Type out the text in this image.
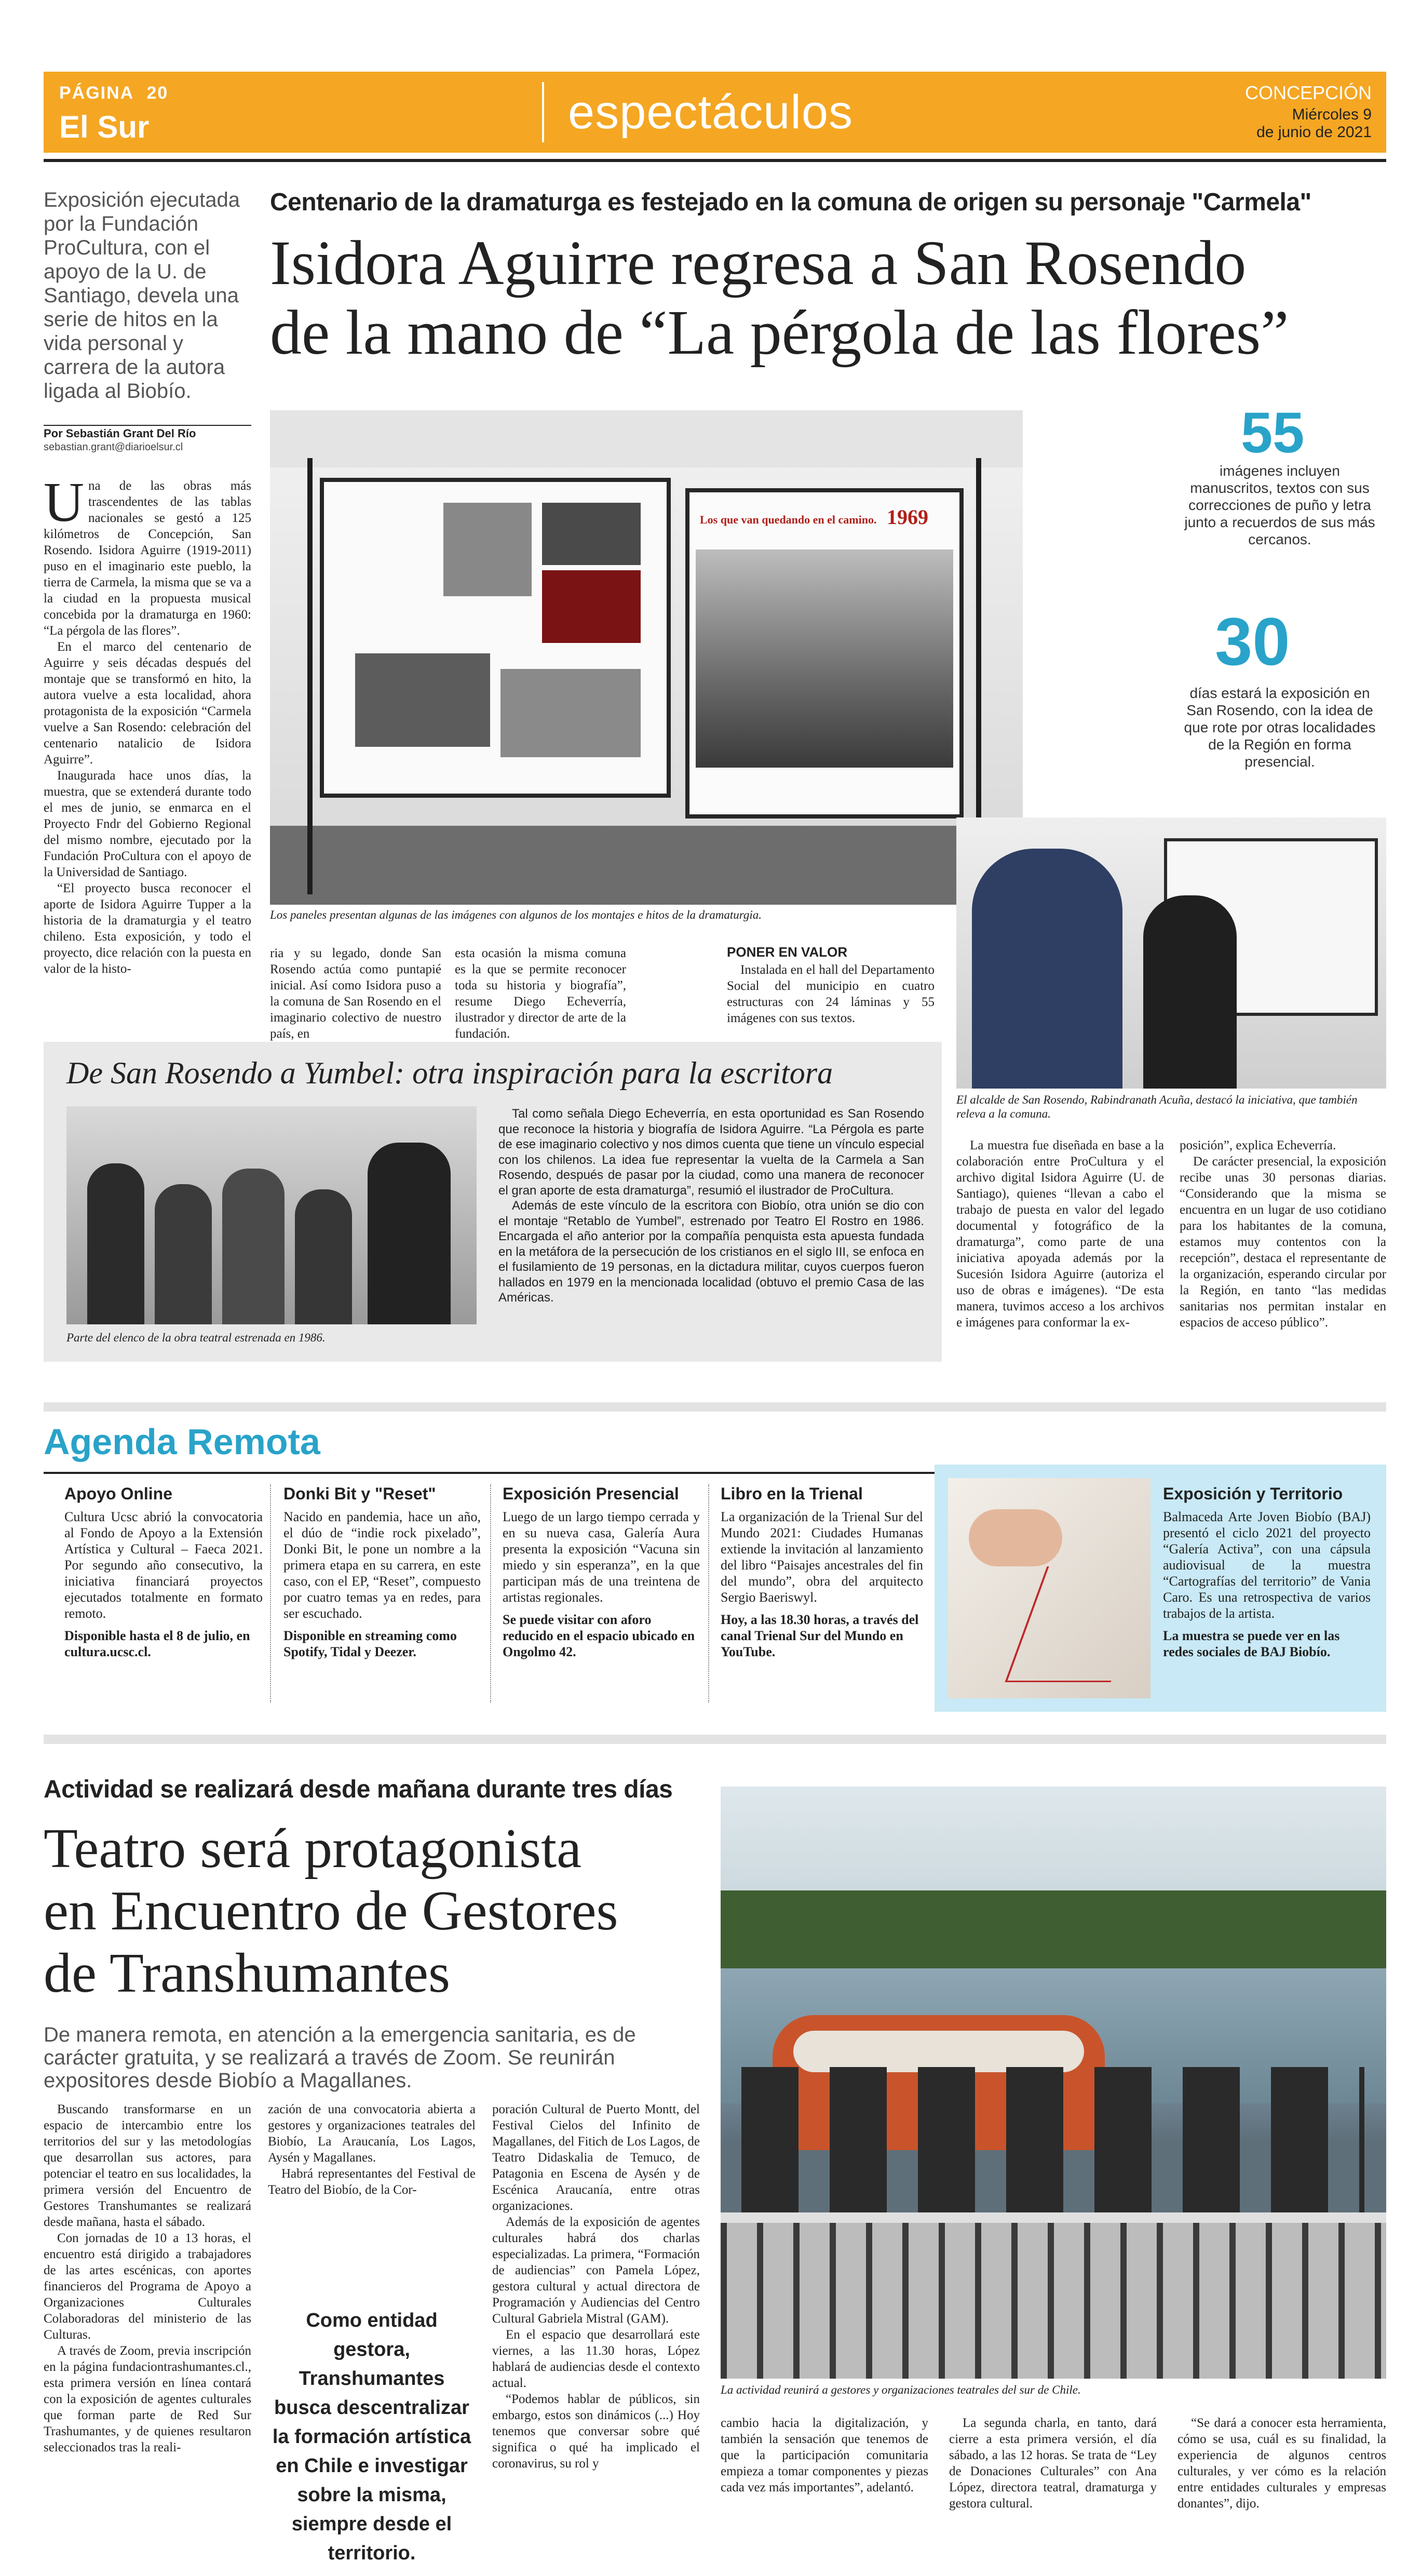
PÁGINA 20
El Sur	espectáculos	CONCEPCIÓN
Miércoles 9
de junio de 2021
Exposición ejecutada por la Fundación ProCultura, con el apoyo de la U. de Santiago, devela una serie de hitos en la vida personal y carrera de la autora ligada al Biobío.
Por Sebastián Grant Del Río
sebastian.grant@diarioelsur.cl
Centenario de la dramaturga es festejado en la comuna de origen su personaje "Carmela"
Isidora Aguirre regresa a San Rosendo
de la mano de “La pérgola de las flores”

Una de las obras más trascendentes de las tablas nacionales se gestó a 125 kilómetros de Concepción, San Rosendo. Isidora Aguirre (1919-2011) puso en el imaginario este pueblo, la tierra de Carmela, la misma que se va a la ciudad en la propuesta musical concebida por la dramaturga en 1960: “La pérgola de las flores”.

En el marco del centenario de Aguirre y seis décadas después del montaje que se transformó en hito, la autora vuelve a esta localidad, ahora protagonista de la exposición “Carmela vuelve a San Rosendo: celebración del centenario natalicio de Isidora Aguirre”.

Inaugurada hace unos días, la muestra, que se extenderá durante todo el mes de junio, se enmarca en el Proyecto Fndr del Gobierno Regional del mismo nombre, ejecutado por la Fundación ProCultura con el apoyo de la Universidad de Santiago.

“El proyecto busca reconocer el aporte de Isidora Aguirre Tupper a la historia de la dramaturgia y el teatro chileno. Esta exposición, y todo el proyecto, dice relación con la puesta en valor de la histo-

Los que van quedando en el camino. 1969
Los paneles presentan algunas de las imágenes con algunos de los montajes e hitos de la dramaturgia.
55
imágenes incluyen manuscritos, textos con sus correcciones de puño y letra junto a recuerdos de sus más cercanos.
30
días estará la exposición en San Rosendo, con la idea de que rote por otras localidades de la Región en forma presencial.
El alcalde de San Rosendo, Rabindranath Acuña, destacó la iniciativa, que también releva a la comuna.
ria y su legado, donde San Rosendo actúa como puntapié inicial. Así como Isidora puso a la comuna de San Rosendo en el imaginario colectivo de nuestro país, en
esta ocasión la misma comuna es la que se permite reconocer toda su historia y biografía”, resume Diego Echeverría, ilustrador y director de arte de la fundación.
PONER EN VALOR
Instalada en el hall del Departamento Social del municipio en cuatro estructuras con 24 láminas y 55 imágenes con sus textos.
La muestra fue diseñada en base a la colaboración entre ProCultura y el archivo digital Isidora Aguirre (U. de Santiago), quienes “llevan a cabo el trabajo de puesta en valor del legado documental y fotográfico de la dramaturga”, como parte de una iniciativa apoyada además por la Sucesión Isidora Aguirre (autoriza el uso de obras e imágenes). “De esta manera, tuvimos acceso a los archivos e imágenes para conformar la ex-

posición”, explica Echeverría.

De carácter presencial, la exposición recibe unas 30 personas diarias. “Considerando que la misma se encuentra en un lugar de uso cotidiano para los habitantes de la comuna, estamos muy contentos con la recepción”, destaca el representante de la organización, esperando circular por la Región, en tanto “las medidas sanitarias nos permitan instalar en espacios de acceso público”.

De San Rosendo a Yumbel: otra inspiración para la escritora
Parte del elenco de la obra teatral estrenada en 1986.

Tal como señala Diego Echeverría, en esta oportunidad es San Rosendo que reconoce la historia y biografía de Isidora Aguirre. “La Pérgola es parte de ese imaginario colectivo y nos dimos cuenta que tiene un vínculo especial con los chilenos. La idea fue representar la vuelta de la Carmela a San Rosendo, después de pasar por la ciudad, como una manera de reconocer el gran aporte de esta dramaturga”, resumió el ilustrador de ProCultura.

Además de este vínculo de la escritora con Biobío, otra unión se dio con el montaje “Retablo de Yumbel”, estrenado por Teatro El Rostro en 1986. Encargada el año anterior por la compañía penquista esta apuesta fundada en la metáfora de la persecución de los cristianos en el siglo III, se enfoca en el fusilamiento de 19 personas, en la dictadura militar, cuyos cuerpos fueron hallados en 1979 en la mencionada localidad (obtuvo el premio Casa de las Américas.

Agenda Remota
Apoyo Online
Cultura Ucsc abrió la convocatoria al Fondo de Apoyo a la Extensión Artística y Cultural – Faeca 2021. Por segundo año consecutivo, la iniciativa financiará proyectos ejecutados totalmente en formato remoto.
Disponible hasta el 8 de julio, en cultura.ucsc.cl.
Donki Bit y "Reset"
Nacido en pandemia, hace un año, el dúo de “indie rock pixelado”, Donki Bit, le pone un nombre a la primera etapa en su carrera, en este caso, con el EP, “Reset”, compuesto por cuatro temas ya en redes, para ser escuchado.
Disponible en streaming como Spotify, Tidal y Deezer.
Exposición Presencial
Luego de un largo tiempo cerrada y en su nueva casa, Galería Aura presenta la exposición “Vacuna sin miedo y sin esperanza”, en la que participan más de una treintena de artistas regionales.
Se puede visitar con aforo reducido en el espacio ubicado en Ongolmo 42.
Libro en la Trienal
La organización de la Trienal Sur del Mundo 2021: Ciudades Humanas extiende la invitación al lanzamiento del libro “Paisajes ancestrales del fin del mundo”, obra del arquitecto Sergio Baeriswyl.
Hoy, a las 18.30 horas, a través del canal Trienal Sur del Mundo en YouTube.
Exposición y Territorio
Balmaceda Arte Joven Biobío (BAJ) presentó el ciclo 2021 del proyecto “Galería Activa”, con una cápsula audiovisual de la muestra “Cartografías del territorio” de Vania Caro. Es una retrospectiva de varios trabajos de la artista.
La muestra se puede ver en las redes sociales de BAJ Biobío.
Actividad se realizará desde mañana durante tres días
Teatro será protagonista
en Encuentro de Gestores
de Transhumantes
De manera remota, en atención a la emergencia sanitaria, es de carácter gratuita, y se realizará a través de Zoom. Se reunirán expositores desde Biobío a Magallanes.
La actividad reunirá a gestores y organizaciones teatrales del sur de Chile.

Buscando transformarse en un espacio de intercambio entre los territorios del sur y las metodologías que desarrollan sus actores, para potenciar el teatro en sus localidades, la primera versión del Encuentro de Gestores Transhumantes se realizará desde mañana, hasta el sábado.

Con jornadas de 10 a 13 horas, el encuentro está dirigido a trabajadores de las artes escénicas, con aportes financieros del Programa de Apoyo a Organizaciones Culturales Colaboradoras del ministerio de las Culturas.

A través de Zoom, previa inscripción en la página fundaciontrashumantes.cl., esta primera versión en línea contará con la exposición de agentes culturales que forman parte de Red Sur Trashumantes, y de quienes resultaron seleccionados tras la reali-

zación de una convocatoria abierta a gestores y organizaciones teatrales del Biobío, La Araucanía, Los Lagos, Aysén y Magallanes.

Habrá representantes del Festival de Teatro del Biobío, de la Cor-

Como entidad gestora, Transhumantes busca descentralizar la formación artística en Chile e investigar sobre la misma, siempre desde el territorio.

poración Cultural de Puerto Montt, del Festival Cielos del Infinito de Magallanes, del Fitich de Los Lagos, de Teatro Didaskalia de Temuco, de Patagonia en Escena de Aysén y de Escénica Araucanía, entre otras organizaciones.

Además de la exposición de agentes culturales habrá dos charlas especializadas. La primera, “Formación de audiencias” con Pamela López, gestora cultural y actual directora de Programación y Audiencias del Centro Cultural Gabriela Mistral (GAM).

En el espacio que desarrollará este viernes, a las 11.30 horas, López hablará de audiencias desde el contexto actual.

“Podemos hablar de públicos, sin embargo, estos son dinámicos (...) Hoy tenemos que conversar sobre qué significa o qué ha implicado el coronavirus, su rol y

cambio hacia la digitalización, y también la sensación que tenemos de que la participación comunitaria empieza a tomar componentes y piezas cada vez más importantes”, adelantó.
La segunda charla, en tanto, dará cierre a esta primera versión, el día sábado, a las 12 horas. Se trata de “Ley de Donaciones Culturales” con Ana López, directora teatral, dramaturga y gestora cultural.
“Se dará a conocer esta herramienta, cómo se usa, cuál es su finalidad, la experiencia de algunos centros culturales, y ver cómo es la relación entre entidades culturales y empresas donantes”, dijo.
